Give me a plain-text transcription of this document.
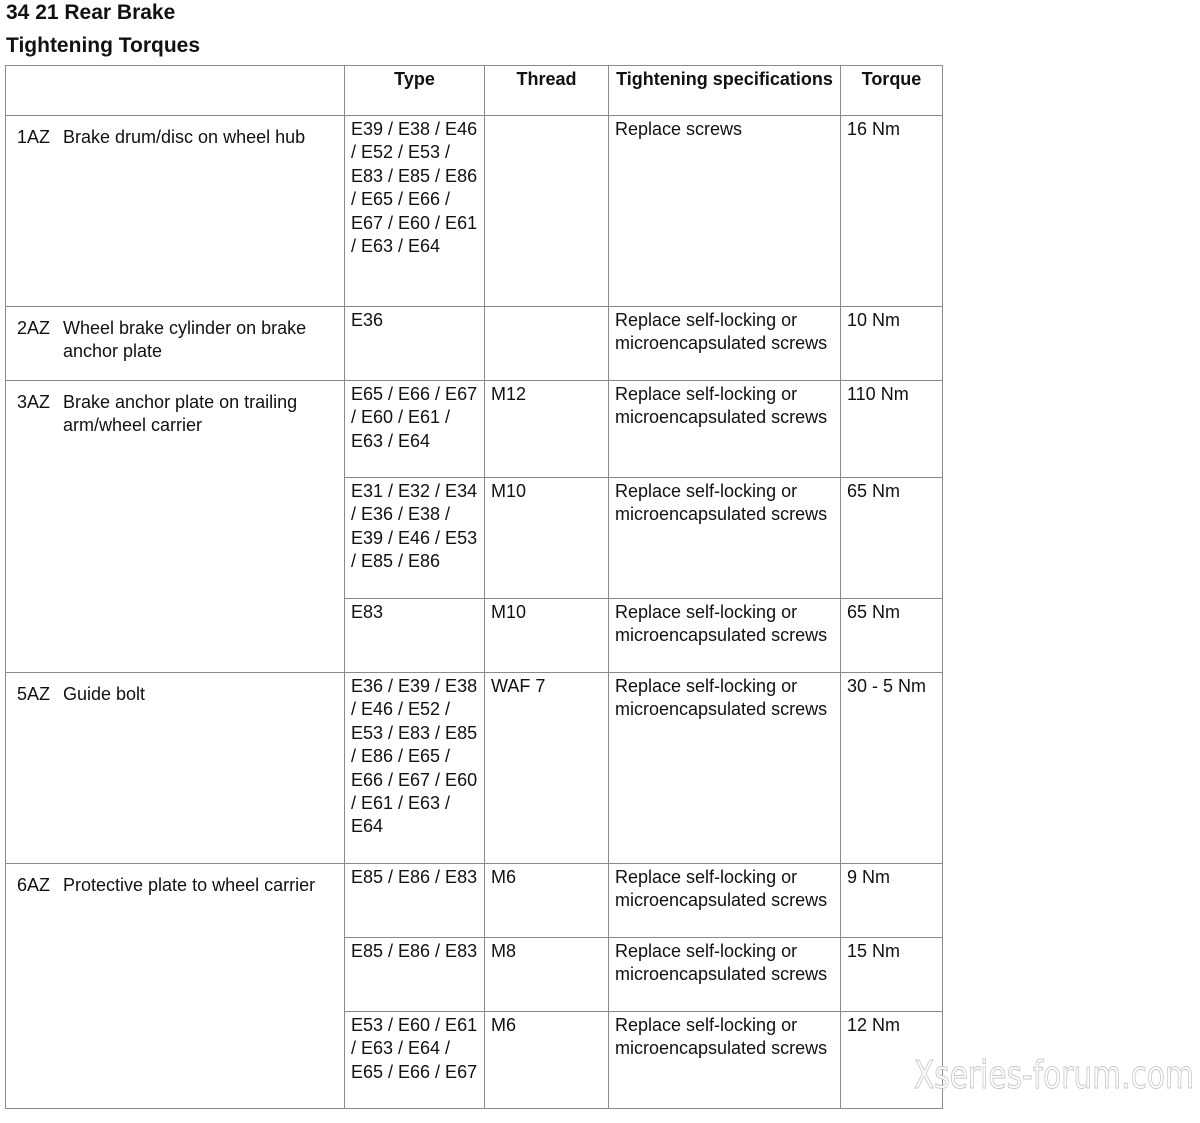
34 21 Rear Brake
Tightening Torques
	Type	Thread	Tightening specifications	Torque

1AZ Brake drum/disc on wheel hub	E39 / E38 / E46 / E52 / E53 / E83 / E85 / E86 / E65 / E66 / E67 / E60 / E61 / E63 / E64		Replace screws	16 Nm

2AZ Wheel brake cylinder on brake anchor plate	E36		Replace self-locking or microencapsulated screws	10 Nm

3AZ Brake anchor plate on trailing arm/wheel carrier	E65 / E66 / E67 / E60 / E61 / E63 / E64	M12	Replace self-locking or microencapsulated screws	110 Nm
	E31 / E32 / E34 / E36 / E38 / E39 / E46 / E53 / E85 / E86	M10	Replace self-locking or microencapsulated screws	65 Nm
	E83	M10	Replace self-locking or microencapsulated screws	65 Nm

5AZ Guide bolt	E36 / E39 / E38 / E46 / E52 / E53 / E83 / E85 / E86 / E65 / E66 / E67 / E60 / E61 / E63 / E64	WAF 7	Replace self-locking or microencapsulated screws	30 - 5 Nm

6AZ Protective plate to wheel carrier	E85 / E86 / E83	M6	Replace self-locking or microencapsulated screws	9 Nm
	E85 / E86 / E83	M8	Replace self-locking or microencapsulated screws	15 Nm
	E53 / E60 / E61 / E63 / E64 / E65 / E66 / E67	M6	Replace self-locking or microencapsulated screws	12 Nm
Xseries-forum.com
